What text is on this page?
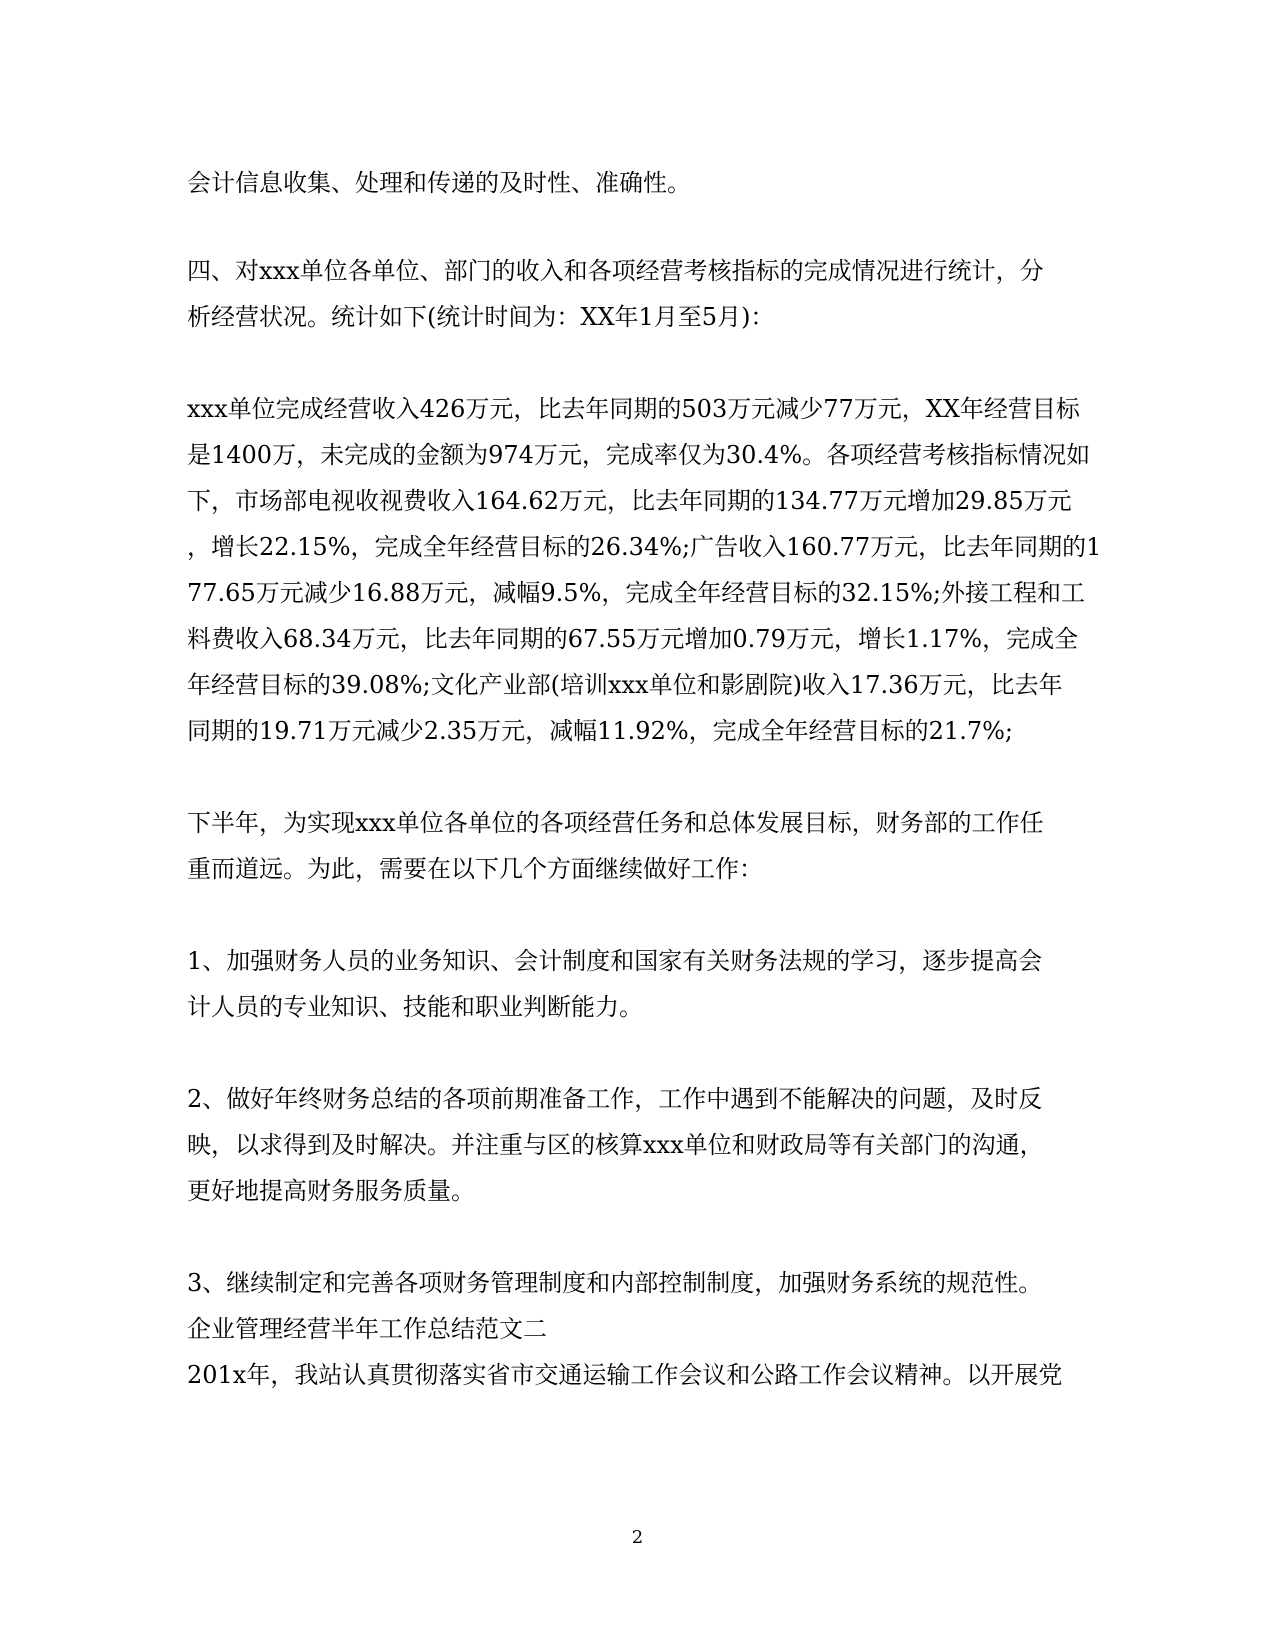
会计信息收集、处理和传递的及时性、准确性。
四、对xxx单位各单位、部门的收入和各项经营考核指标的完成情况进行统计，分
析经营状况。统计如下(统计时间为：XX年1月至5月)：
xxx单位完成经营收入426万元，比去年同期的503万元减少77万元，XX年经营目标
是1400万，未完成的金额为974万元，完成率仅为30.4%。各项经营考核指标情况如
下，市场部电视收视费收入164.62万元，比去年同期的134.77万元增加29.85万元
，增长22.15%，完成全年经营目标的26.34%;广告收入160.77万元，比去年同期的1
77.65万元减少16.88万元，减幅9.5%，完成全年经营目标的32.15%;外接工程和工
料费收入68.34万元，比去年同期的67.55万元增加0.79万元，增长1.17%，完成全
年经营目标的39.08%;文化产业部(培训xxx单位和影剧院)收入17.36万元，比去年
同期的19.71万元减少2.35万元，减幅11.92%，完成全年经营目标的21.7%;
下半年，为实现xxx单位各单位的各项经营任务和总体发展目标，财务部的工作任
重而道远。为此，需要在以下几个方面继续做好工作：
1、加强财务人员的业务知识、会计制度和国家有关财务法规的学习，逐步提高会
计人员的专业知识、技能和职业判断能力。
2、做好年终财务总结的各项前期准备工作，工作中遇到不能解决的问题，及时反
映，以求得到及时解决。并注重与区的核算xxx单位和财政局等有关部门的沟通，
更好地提高财务服务质量。
3、继续制定和完善各项财务管理制度和内部控制制度，加强财务系统的规范性。
企业管理经营半年工作总结范文二
201x年，我站认真贯彻落实省市交通运输工作会议和公路工作会议精神。以开展党
2
